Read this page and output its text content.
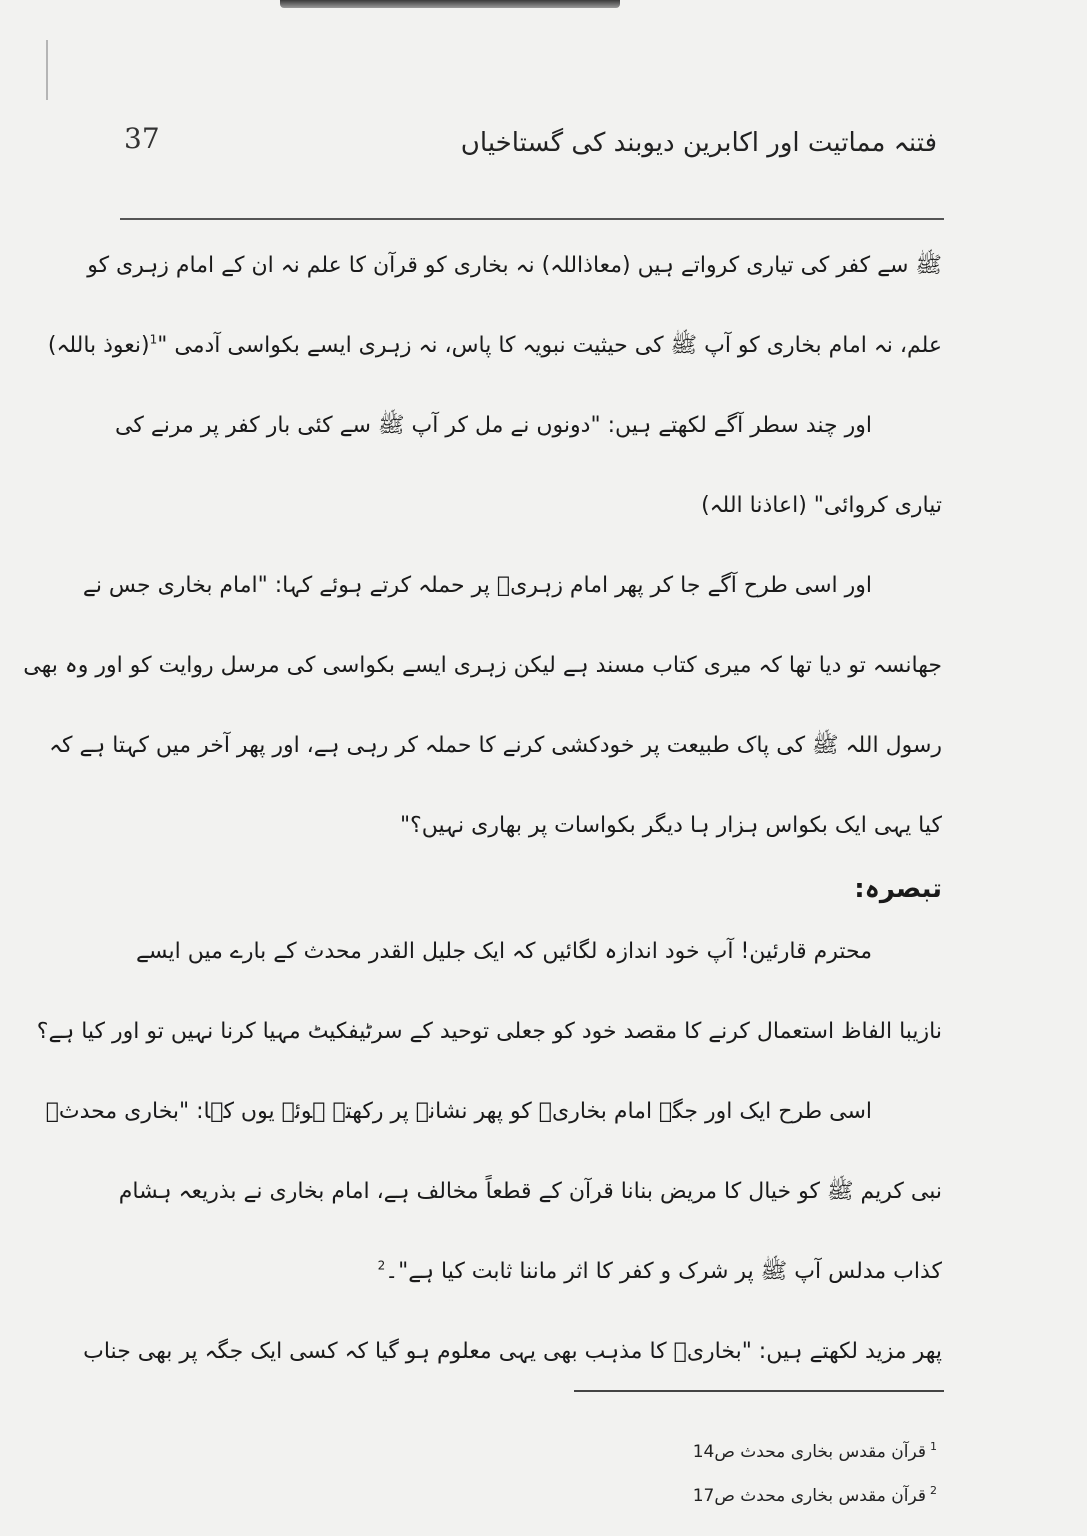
37	فتنہ مماتیت اور اکابرین دیوبند کی گستاخیاں
ﷺ سے کفر کی تیاری کرواتے ہیں (معاذاللہ) نہ بخاری کو قرآن کا علم نہ ان کے امام زہری کو
علم، نہ امام بخاری کو آپ ﷺ کی حیثیت نبویہ کا پاس، نہ زہری ایسے بکواسی آدمی "$^1$(نعوذ باللہ)
اور چند سطر آگے لکھتے ہیں: "دونوں نے مل کر آپ ﷺ سے کئی بار کفر پر مرنے کی
تیاری کروائی" (اعاذنا اللہ)
اور اسی طرح آگے جا کر پھر امام زہریؒ پر حملہ کرتے ہوئے کہا: "امام بخاری جس نے
جھانسہ تو دیا تھا کہ میری کتاب مسند ہے لیکن زہری ایسے بکواسی کی مرسل روایت کو اور وہ بھی
رسول اللہ ﷺ کی پاک طبیعت پر خودکشی کرنے کا حملہ کر رہی ہے، اور پھر آخر میں کہتا ہے کہ
کیا یہی ایک بکواس ہزار ہا دیگر بکواسات پر بھاری نہیں؟"
تبصرہ:
محترم قارئین! آپ خود اندازہ لگائیں کہ ایک جلیل القدر محدث کے بارے میں ایسے
نازیبا الفاظ استعمال کرنے کا مقصد خود کو جعلی توحید کے سرٹیفکیٹ مہیا کرنا نہیں تو اور کیا ہے؟
اسی طرح ایک اور جگہ امام بخاریؒ کو پھر نشانہ پر رکھتے ہوئے یوں کہا: "بخاری محدثؒ
نبی کریم ﷺ کو خیال کا مریض بنانا قرآن کے قطعاً مخالف ہے، امام بخاری نے بذریعہ ہشام
کذاب مدلس آپ ﷺ پر شرک و کفر کا اثر ماننا ثابت کیا ہے"۔$^2$
پھر مزید لکھتے ہیں: "بخاریؒ کا مذہب بھی یہی معلوم ہو گیا کہ کسی ایک جگہ پر بھی جناب
$^1$قرآن مقدس بخاری محدث ص14
$^2$قرآن مقدس بخاری محدث ص17
